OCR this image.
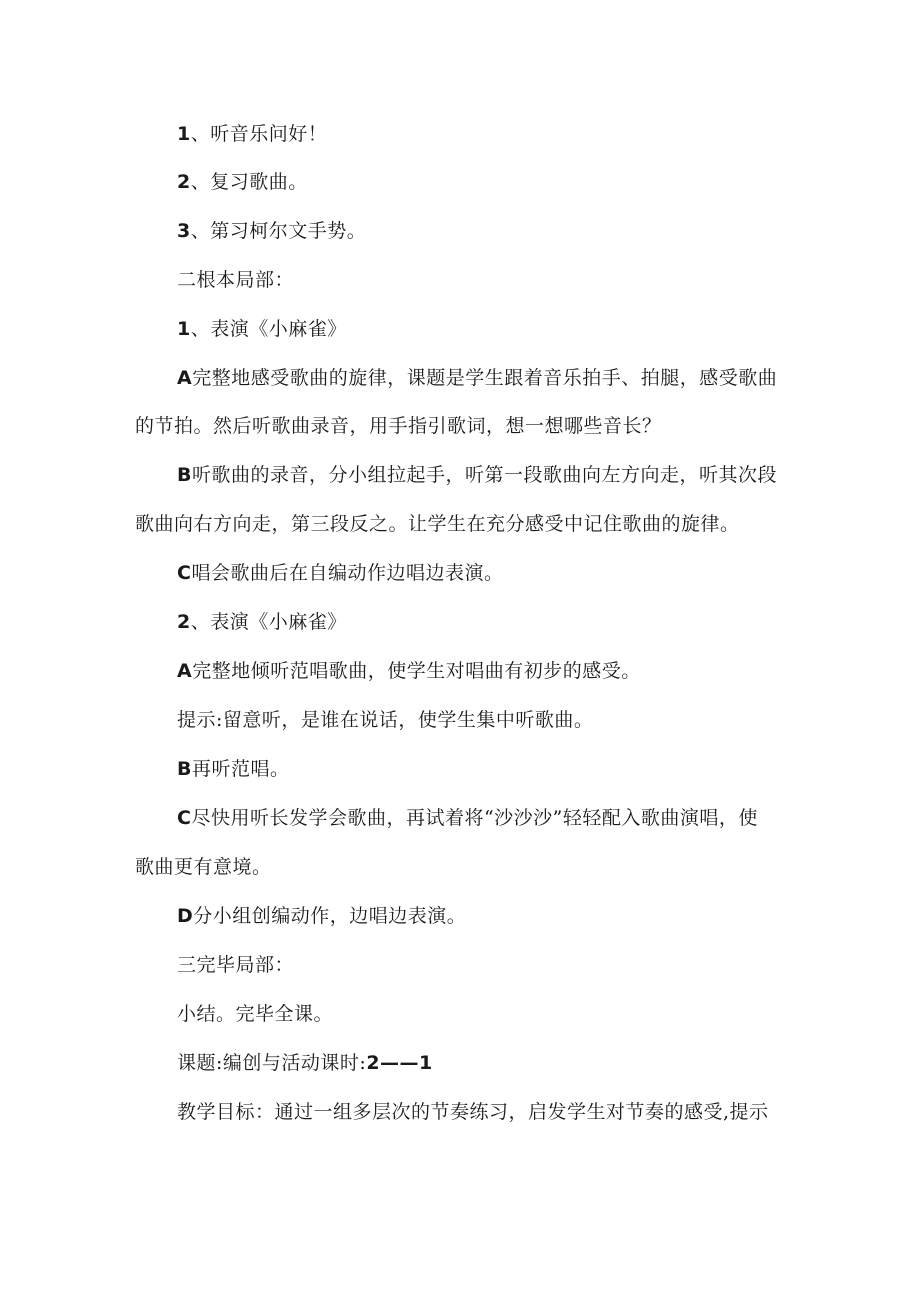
1、听音乐问好！
2、复习歌曲。
3、第习柯尔文手势。
二根本局部：
1、表演《小麻雀》
A完整地感受歌曲的旋律，课题是学生跟着音乐拍手、拍腿，感受歌曲
的节拍。然后听歌曲录音，用手指引歌词，想一想哪些音长？
B听歌曲的录音，分小组拉起手，听第一段歌曲向左方向走，听其次段
歌曲向右方向走，第三段反之。让学生在充分感受中记住歌曲的旋律。
C唱会歌曲后在自编动作边唱边表演。
2、表演《小麻雀》
A完整地倾听范唱歌曲，使学生对唱曲有初步的感受。
提示:留意听，是谁在说话，使学生集中听歌曲。
B再听范唱。
C尽快用听长发学会歌曲，再试着将“沙沙沙”轻轻配入歌曲演唱，使
歌曲更有意境。
D分小组创编动作，边唱边表演。
三完毕局部：
小结。完毕全课。
课题:编创与活动课时:2——1
教学目标：通过一组多层次的节奏练习，启发学生对节奏的感受,提示
